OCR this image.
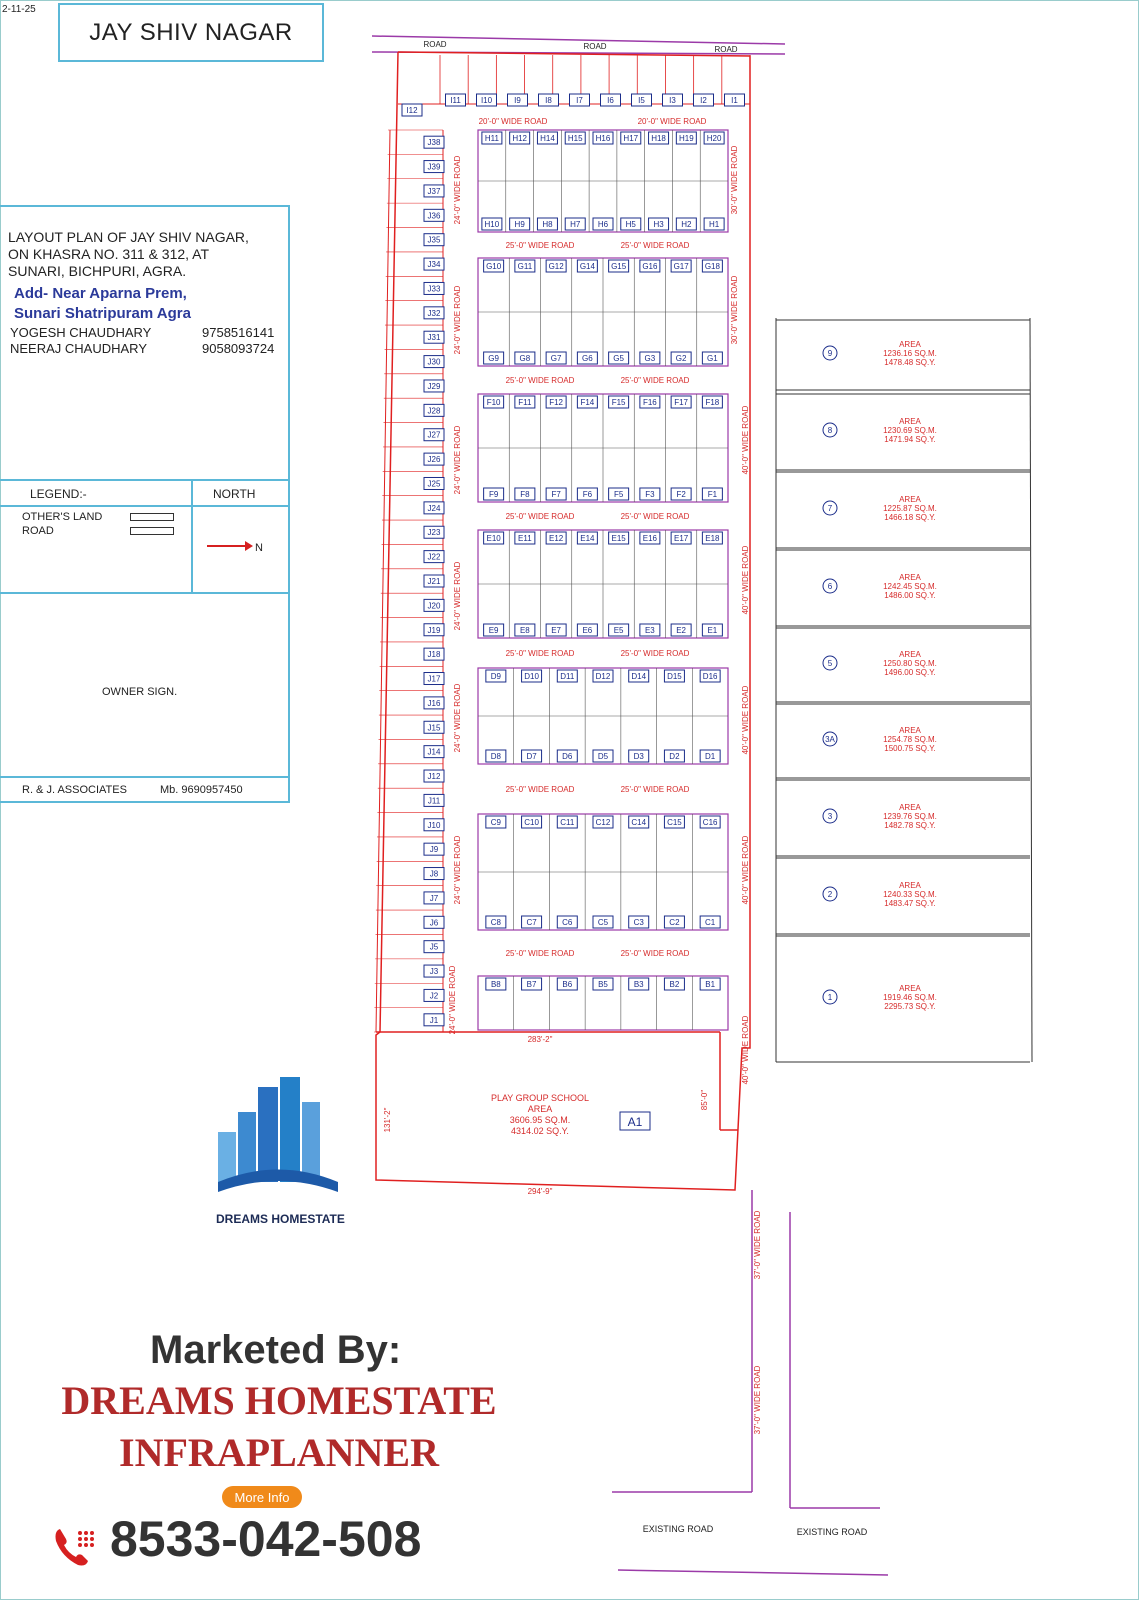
2-11-25
JAY SHIV NAGAR
LAYOUT PLAN OF JAY SHIV NAGAR,
ON KHASRA NO. 311 & 312, AT
SUNARI, BICHPURI, AGRA.
Add- Near Aparna Prem,
Sunari Shatripuram Agra
YOGESH CHAUDHARY	9758516141
NEERAJ CHAUDHARY	9058093724
LEGEND:-	NORTH
OTHER'S LAND
ROAD
N
OWNER SIGN.
R. & J. ASSOCIATES	Mb. 9690957450
ROAD	ROAD	ROAD
I12
I11	I10	I9	I8	I7	I6	I5	I3	I2	I1
20'-0" WIDE ROAD	20'-0" WIDE ROAD
J38
J39
J37
J36
J35
J34
J33
J32
J31
J30
J29
J28
J27
J26
J25
J24
J23
J22
J21
J20
J19
J18
J17
J16
J15
J14
J12
J11
J10
J9
J8
J7
J6
J5
J3
J2
J1
H11 H12 H14 H15 H16 H17 H18 H19 H20
H10 H9 H8 H7 H6 H5 H3 H2 H1
25'-0" WIDE ROAD	25'-0" WIDE ROAD
G10 G11 G12 G14 G15 G16 G17 G18
G9	G8	G7	G6	G5	G3	G2	G1
25'-0" WIDE ROAD	25'-0" WIDE ROAD
F10 F11 F12 F14 F15 F16 F17 F18
F9	F8	F7	F6	F5	F3	F2	F1
25'-0" WIDE ROAD	25'-0" WIDE ROAD
E10 E11 E12 E14 E15 E16 E17 E18
E9	E8	E7	E6	E5	E3	E2	E1
25'-0" WIDE ROAD	25'-0" WIDE ROAD
D9	D10	D11	D12	D14	D15	D16
D8	D7	D6	D5	D3	D2	D1
25'-0" WIDE ROAD	25'-0" WIDE ROAD
C9	C10	C11	C12	C14	C15	C16
C8	C7	C6	C5	C3	C2	C1
25'-0" WIDE ROAD	25'-0" WIDE ROAD
B8	B7	B6	B5	B3	B2	B1
24'-0" WIDE ROAD
24'-0" WIDE ROAD
24'-0" WIDE ROAD
24'-0" WIDE ROAD
24'-0" WIDE ROAD
24'-0" WIDE ROAD
24'-0" WIDE ROAD
30'-0" WIDE ROAD
30'-0" WIDE ROAD
40'-0" WIDE ROAD
40'-0" WIDE ROAD
40'-0" WIDE ROAD
40'-0" WIDE ROAD
40'-0" WIDE ROAD
37'-0" WIDE ROAD
37'-0" WIDE ROAD
PLAY GROUP SCHOOL
AREA
3606.95 SQ.M.
4314.02 SQ.Y.
A1
283'-2"
294'-9"
131'-2"
85'-0"
9
AREA
1236.16 SQ.M.
1478.48 SQ.Y.
8
AREA
1230.69 SQ.M.
1471.94 SQ.Y.
7
AREA
1225.87 SQ.M.
1466.18 SQ.Y.
6
AREA
1242.45 SQ.M.
1486.00 SQ.Y.
5
AREA
1250.80 SQ.M.
1496.00 SQ.Y.
3A
AREA
1254.78 SQ.M.
1500.75 SQ.Y.
3
AREA
1239.76 SQ.M.
1482.78 SQ.Y.
2
AREA
1240.33 SQ.M.
1483.47 SQ.Y.
1
AREA
1919.46 SQ.M.
2295.73 SQ.Y.
EXISTING ROAD	EXISTING ROAD
DREAMS HOMESTATE
Marketed By:
DREAMS HOMESTATE
INFRAPLANNER
More Info
8533-042-508
